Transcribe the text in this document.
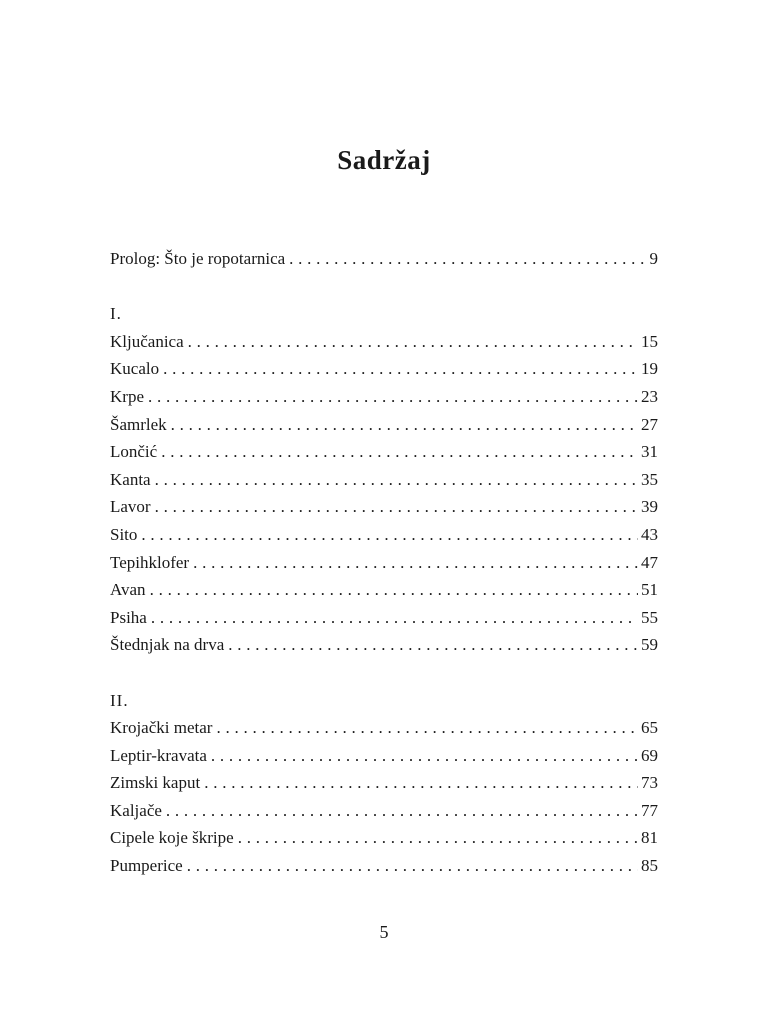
Sadržaj
Prolog: Što je ropotarnica . . .	9
I.
Ključanica . . .	15
Kucalo . . .	19
Krpe . . .	23
Šamrlek . . .	27
Lončić . . .	31
Kanta . . .	35
Lavor . . .	39
Sito . . .	43
Tepihklofer . . .	47
Avan . . .	51
Psiha . . .	55
Štednjak na drva . . .	59
II.
Krojački metar . . .	65
Leptir-kravata . . .	69
Zimski kaput . . .	73
Kaljače . . .	77
Cipele koje škripe . . .	81
Pumperice . . .	85
5
